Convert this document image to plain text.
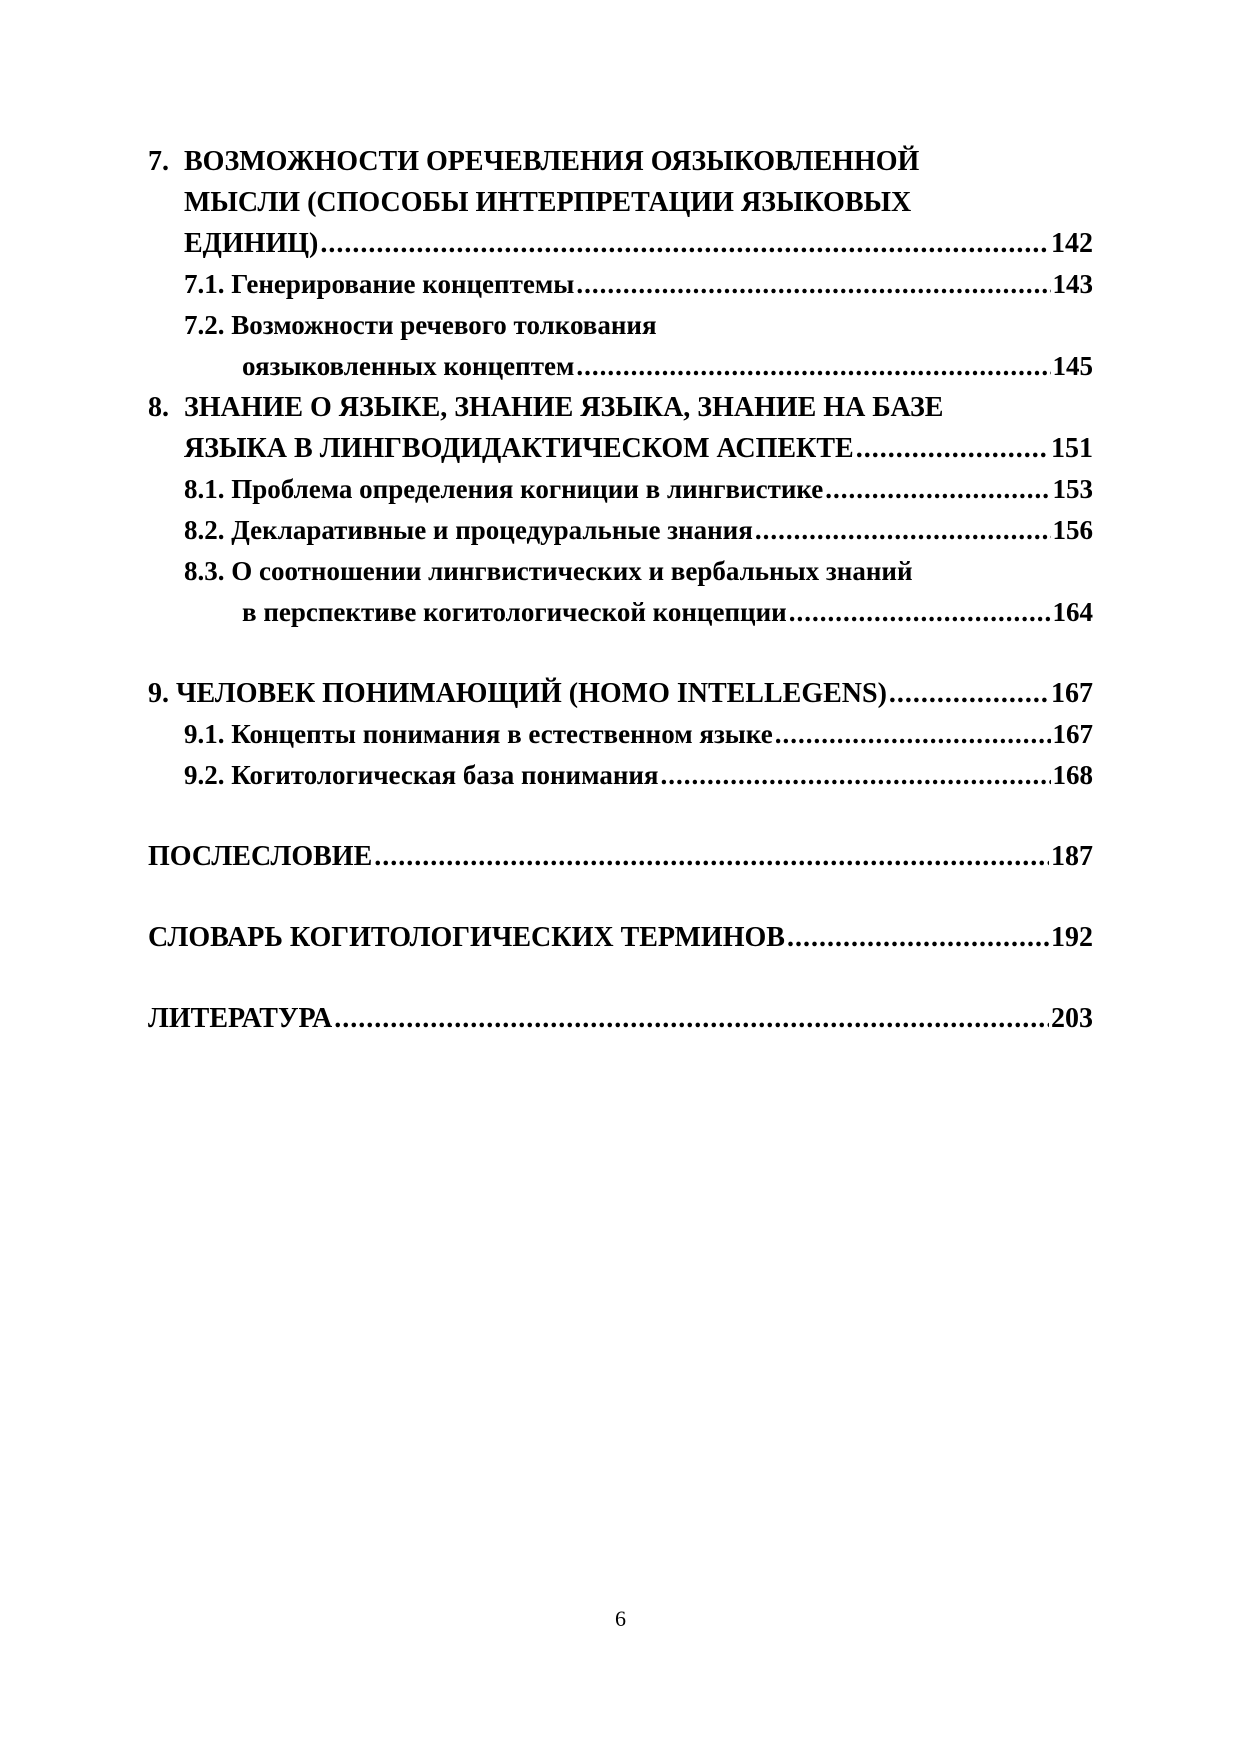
7. ВОЗМОЖНОСТИ ОРЕЧЕВЛЕНИЯ ОЯЗЫКОВЛЕННОЙ
МЫСЛИ (СПОСОБЫ ИНТЕРПРЕТАЦИИ ЯЗЫКОВЫХ
ЕДИНИЦ) .....	142
7.1. Генерирование концептемы .....	143
7.2. Возможности речевого толкования
оязыковленных концептем .....	145
8. ЗНАНИЕ О ЯЗЫКЕ, ЗНАНИЕ ЯЗЫКА, ЗНАНИЕ НА БАЗЕ
ЯЗЫКА В ЛИНГВОДИДАКТИЧЕСКОМ АСПЕКТЕ .....	151
8.1. Проблема определения когниции в лингвистике .....	153
8.2. Декларативные и процедуральные знания .....	156
8.3. О соотношении лингвистических и вербальных знаний
в перспективе когитологической концепции .....	164
9. ЧЕЛОВЕК ПОНИМАЮЩИЙ (HOMO INTELLEGENS) .....	167
9.1. Концепты понимания в естественном языке .....	167
9.2. Когитологическая база понимания .....	168
ПОСЛЕСЛОВИЕ .....	187
СЛОВАРЬ КОГИТОЛОГИЧЕСКИХ ТЕРМИНОВ .....	192
ЛИТЕРАТУРА .....	203
6
